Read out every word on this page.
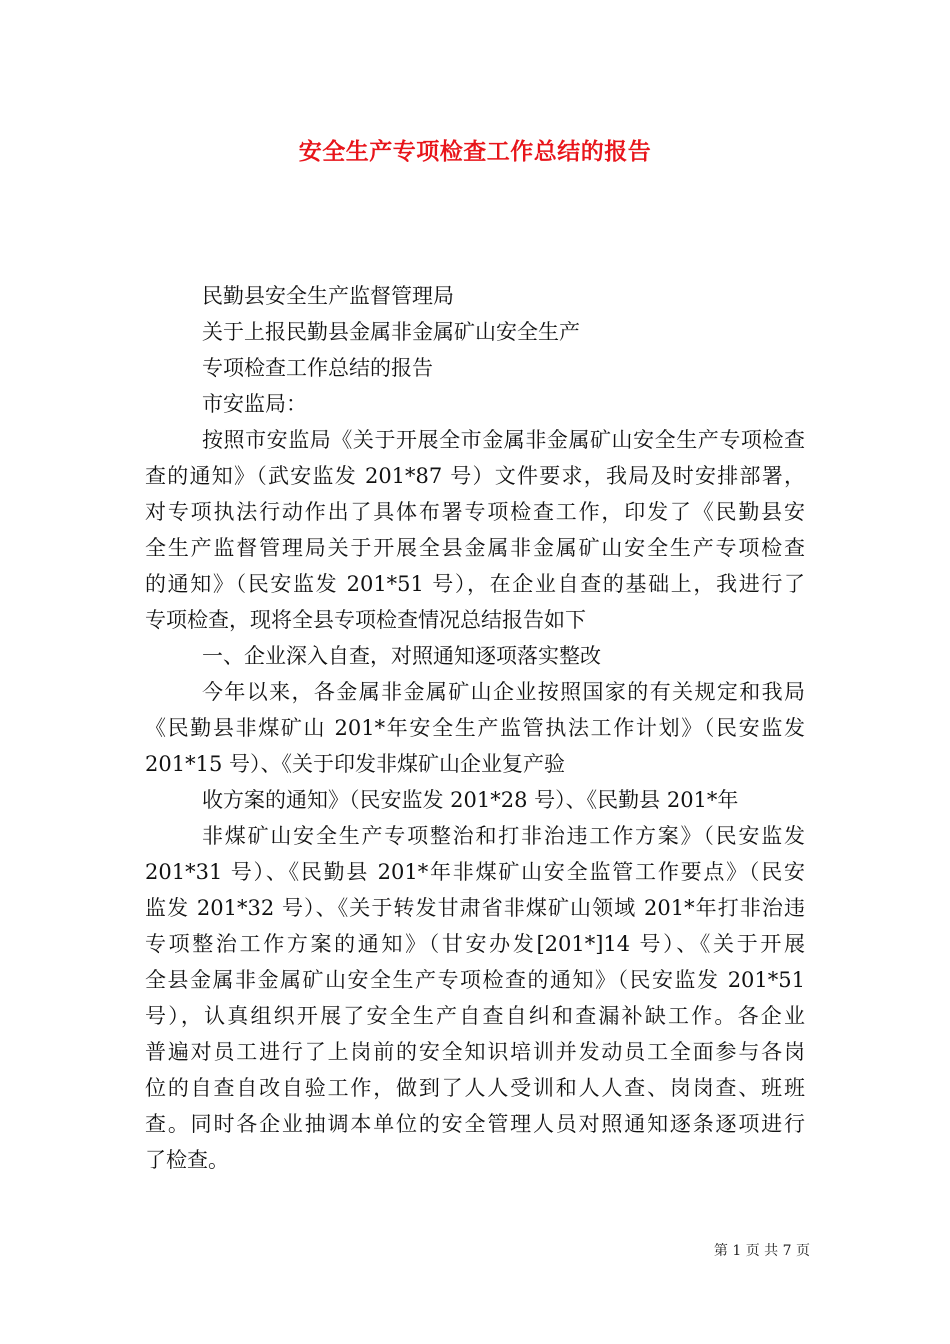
安全生产专项检查工作总结的报告
民勤县安全生产监督管理局
关于上报民勤县金属非金属矿山安全生产
专项检查工作总结的报告
市安监局：
按照市安监局《关于开展全市金属非金属矿山安全生产专项检查
查的通知》（武安监发 201*87 号）文件要求，我局及时安排部署，
对专项执法行动作出了具体布署专项检查工作，印发了《民勤县安
全生产监督管理局关于开展全县金属非金属矿山安全生产专项检查
的通知》（民安监发 201*51 号），在企业自查的基础上，我进行了
专项检查，现将全县专项检查情况总结报告如下
一、企业深入自查，对照通知逐项落实整改
今年以来，各金属非金属矿山企业按照国家的有关规定和我局
《民勤县非煤矿山 201*年安全生产监管执法工作计划》（民安监发
201*15 号）、《关于印发非煤矿山企业复产验
收方案的通知》（民安监发 201*28 号）、《民勤县 201*年
非煤矿山安全生产专项整治和打非治违工作方案》（民安监发
201*31 号）、《民勤县 201*年非煤矿山安全监管工作要点》（民安
监发 201*32 号）、《关于转发甘肃省非煤矿山领域 201*年打非治违
专项整治工作方案的通知》（甘安办发[201*]14 号）、《关于开展
全县金属非金属矿山安全生产专项检查的通知》（民安监发 201*51
号），认真组织开展了安全生产自查自纠和查漏补缺工作。各企业
普遍对员工进行了上岗前的安全知识培训并发动员工全面参与各岗
位的自查自改自验工作，做到了人人受训和人人查、岗岗查、班班
查。同时各企业抽调本单位的安全管理人员对照通知逐条逐项进行
了检查。
第 1 页 共 7 页
